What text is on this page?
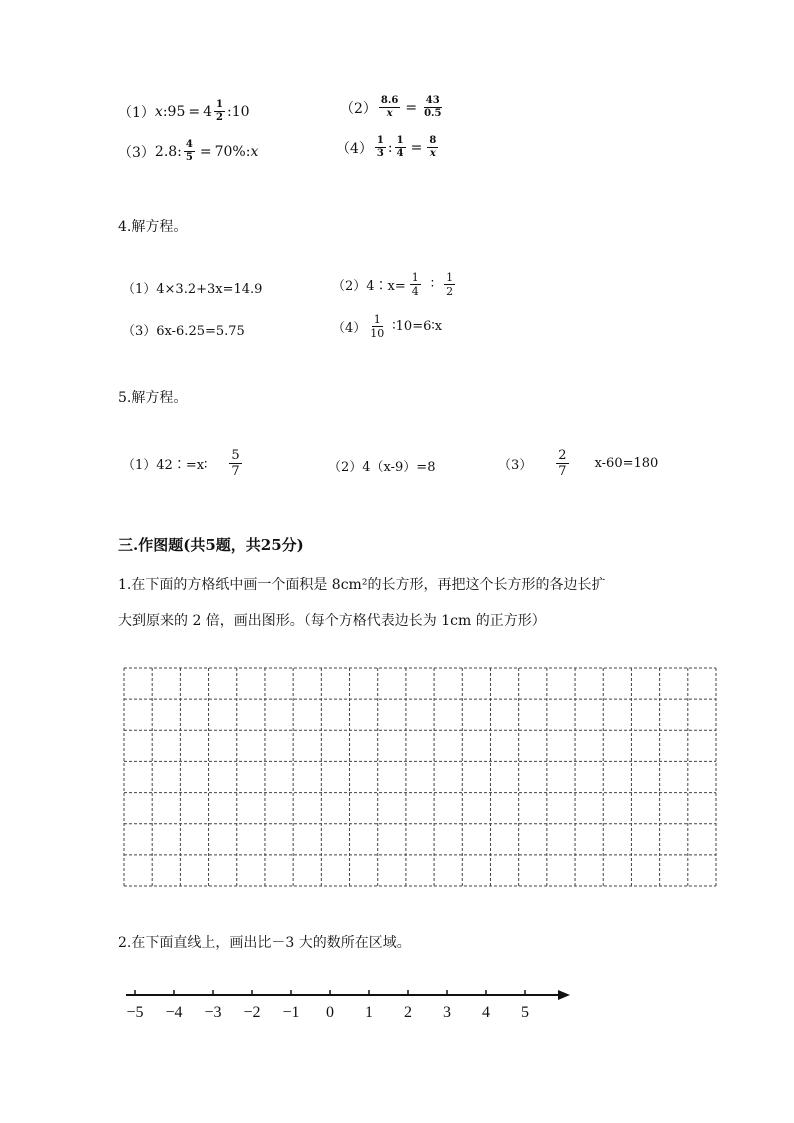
（1） x : $95 = 4 \frac{1}{2}$ : 10	$(2) \frac{8.6}{x} = \frac{43}{0.5}$
（3） 2.8: $\frac{4}{5} = 70\%$: x	$(4) \frac{1}{3}$ : $\frac{1}{4} = \frac{8}{x}$
4.解方程。
（1）4×3.2+3x=14.9	（2）4∶x= $\frac{1}{4}$ ∶ $\frac{1}{2}$
（3）6x-6.25=5.75	$(4) \frac{1}{10}$ ∶10=6∶x
5.解方程。
（1）42∶=x∶ $\frac{5}{7}$	（2）4（x-9）=8	$(3) \frac{2}{7} x-60=180$
三.作图题(共5题，共25分)
1.在下面的方格纸中画一个面积是 8cm²的长方形，再把这个长方形的各边长扩
大到原来的 2 倍，画出图形。（每个方格代表边长为 1cm 的正方形）
2.在下面直线上，画出比－3 大的数所在区域。
−5 −4 −3 −2 −1 0 1 2 3 4 5
